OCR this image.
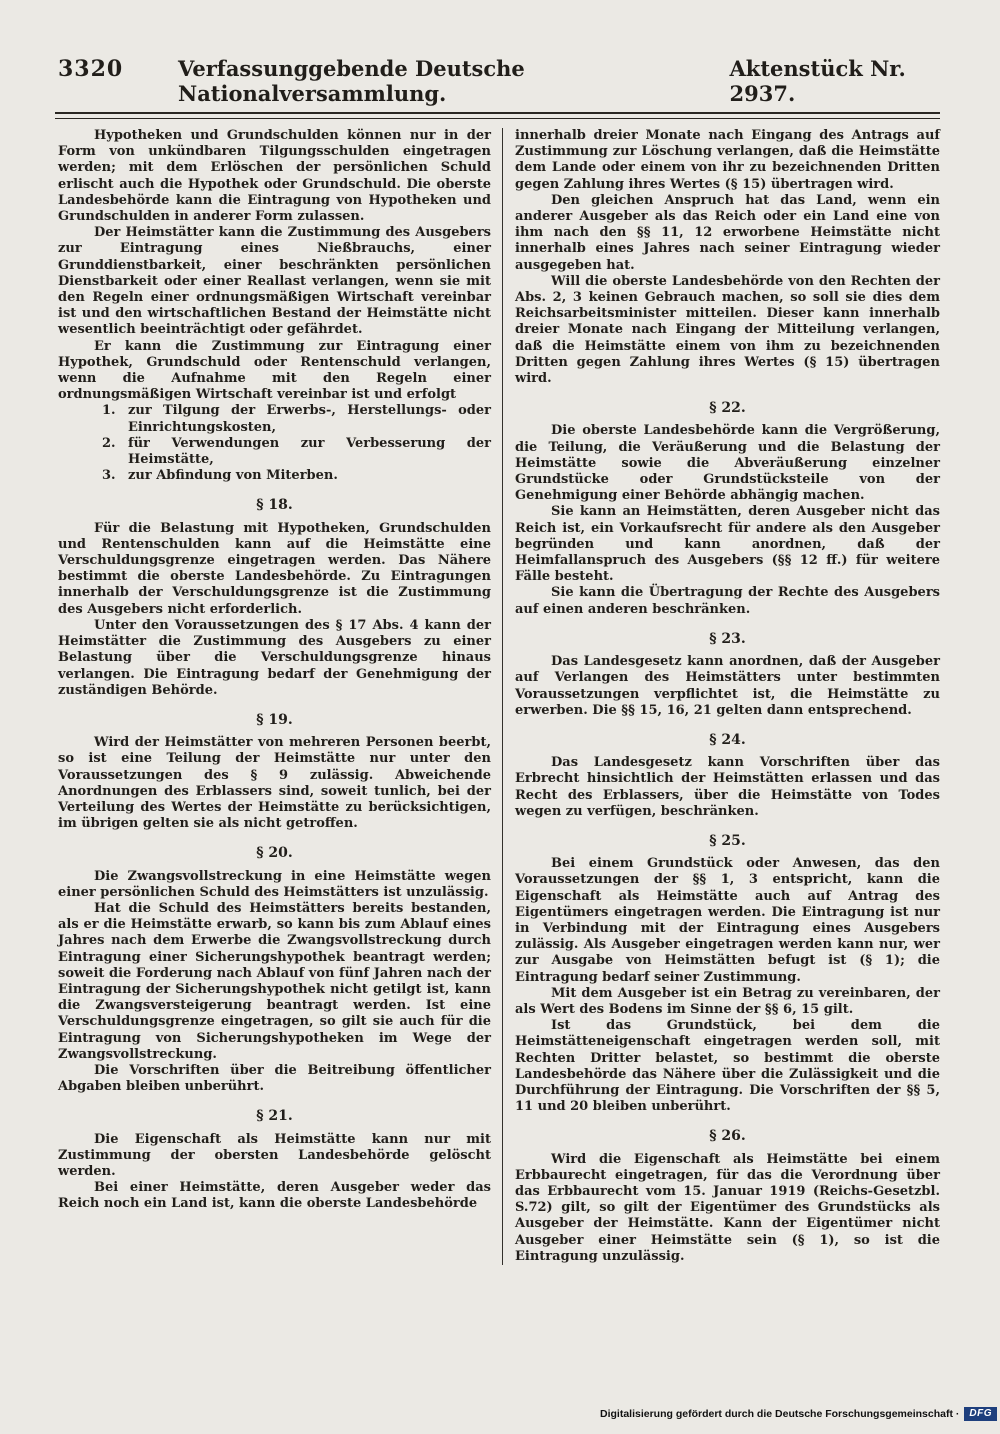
3320	Verfassunggebende Deutsche Nationalversammlung.
Aktenstück Nr. 2937.

Hypotheken und Grundschulden können nur in der Form von unkündbaren Tilgungsschulden eingetragen werden; mit dem Erlöschen der persönlichen Schuld erlischt auch die Hypothek oder Grundschuld. Die oberste Landesbehörde kann die Eintragung von Hypotheken und Grundschulden in anderer Form zulassen.

Der Heimstätter kann die Zustimmung des Ausgebers zur Eintragung eines Nießbrauchs, einer Grunddienstbarkeit, einer beschränkten persönlichen Dienstbarkeit oder einer Reallast verlangen, wenn sie mit den Regeln einer ordnungsmäßigen Wirtschaft vereinbar ist und den wirtschaftlichen Bestand der Heimstätte nicht wesentlich beeinträchtigt oder gefährdet.

Er kann die Zustimmung zur Eintragung einer Hypothek, Grundschuld oder Rentenschuld verlangen, wenn die Aufnahme mit den Regeln einer ordnungsmäßigen Wirtschaft vereinbar ist und erfolgt

1. zur Tilgung der Erwerbs-, Herstellungs- oder Einrichtungskosten,
2. für Verwendungen zur Verbesserung der Heimstätte,
3. zur Abfindung von Miterben.
§ 18.

Für die Belastung mit Hypotheken, Grundschulden und Rentenschulden kann auf die Heimstätte eine Verschuldungsgrenze eingetragen werden. Das Nähere bestimmt die oberste Landesbehörde. Zu Eintragungen innerhalb der Verschuldungsgrenze ist die Zustimmung des Ausgebers nicht erforderlich.

Unter den Voraussetzungen des § 17 Abs. 4 kann der Heimstätter die Zustimmung des Ausgebers zu einer Belastung über die Verschuldungsgrenze hinaus verlangen. Die Eintragung bedarf der Genehmigung der zuständigen Behörde.

§ 19.

Wird der Heimstätter von mehreren Personen beerbt, so ist eine Teilung der Heimstätte nur unter den Voraussetzungen des § 9 zulässig. Abweichende Anordnungen des Erblassers sind, soweit tunlich, bei der Verteilung des Wertes der Heimstätte zu berücksichtigen, im übrigen gelten sie als nicht getroffen.

§ 20.

Die Zwangsvollstreckung in eine Heimstätte wegen einer persönlichen Schuld des Heimstätters ist unzulässig.

Hat die Schuld des Heimstätters bereits bestanden, als er die Heimstätte erwarb, so kann bis zum Ablauf eines Jahres nach dem Erwerbe die Zwangsvollstreckung durch Eintragung einer Sicherungshypothek beantragt werden; soweit die Forderung nach Ablauf von fünf Jahren nach der Eintragung der Sicherungshypothek nicht getilgt ist, kann die Zwangsversteigerung beantragt werden. Ist eine Verschuldungsgrenze eingetragen, so gilt sie auch für die Eintragung von Sicherungshypotheken im Wege der Zwangsvollstreckung.

Die Vorschriften über die Beitreibung öffentlicher Abgaben bleiben unberührt.

§ 21.

Die Eigenschaft als Heimstätte kann nur mit Zustimmung der obersten Landesbehörde gelöscht werden.

Bei einer Heimstätte, deren Ausgeber weder das Reich noch ein Land ist, kann die oberste Landesbehörde

innerhalb dreier Monate nach Eingang des Antrags auf Zustimmung zur Löschung verlangen, daß die Heimstätte dem Lande oder einem von ihr zu bezeichnenden Dritten gegen Zahlung ihres Wertes (§ 15) übertragen wird.

Den gleichen Anspruch hat das Land, wenn ein anderer Ausgeber als das Reich oder ein Land eine von ihm nach den §§ 11, 12 erworbene Heimstätte nicht innerhalb eines Jahres nach seiner Eintragung wieder ausgegeben hat.

Will die oberste Landesbehörde von den Rechten der Abs. 2, 3 keinen Gebrauch machen, so soll sie dies dem Reichsarbeitsminister mitteilen. Dieser kann innerhalb dreier Monate nach Eingang der Mitteilung verlangen, daß die Heimstätte einem von ihm zu bezeichnenden Dritten gegen Zahlung ihres Wertes (§ 15) übertragen wird.

§ 22.

Die oberste Landesbehörde kann die Vergrößerung, die Teilung, die Veräußerung und die Belastung der Heimstätte sowie die Abveräußerung einzelner Grundstücke oder Grundstücksteile von der Genehmigung einer Behörde abhängig machen.

Sie kann an Heimstätten, deren Ausgeber nicht das Reich ist, ein Vorkaufsrecht für andere als den Ausgeber begründen und kann anordnen, daß der Heimfallanspruch des Ausgebers (§§ 12 ff.) für weitere Fälle besteht.

Sie kann die Übertragung der Rechte des Ausgebers auf einen anderen beschränken.

§ 23.

Das Landesgesetz kann anordnen, daß der Ausgeber auf Verlangen des Heimstätters unter bestimmten Voraussetzungen verpflichtet ist, die Heimstätte zu erwerben. Die §§ 15, 16, 21 gelten dann entsprechend.

§ 24.

Das Landesgesetz kann Vorschriften über das Erbrecht hinsichtlich der Heimstätten erlassen und das Recht des Erblassers, über die Heimstätte von Todes wegen zu verfügen, beschränken.

§ 25.

Bei einem Grundstück oder Anwesen, das den Voraussetzungen der §§ 1, 3 entspricht, kann die Eigenschaft als Heimstätte auch auf Antrag des Eigentümers eingetragen werden. Die Eintragung ist nur in Verbindung mit der Eintragung eines Ausgebers zulässig. Als Ausgeber eingetragen werden kann nur, wer zur Ausgabe von Heimstätten befugt ist (§ 1); die Eintragung bedarf seiner Zustimmung.

Mit dem Ausgeber ist ein Betrag zu vereinbaren, der als Wert des Bodens im Sinne der §§ 6, 15 gilt.

Ist das Grundstück, bei dem die Heimstätteneigenschaft eingetragen werden soll, mit Rechten Dritter belastet, so bestimmt die oberste Landesbehörde das Nähere über die Zulässigkeit und die Durchführung der Eintragung. Die Vorschriften der §§ 5, 11 und 20 bleiben unberührt.

§ 26.

Wird die Eigenschaft als Heimstätte bei einem Erbbaurecht eingetragen, für das die Verordnung über das Erbbaurecht vom 15. Januar 1919 (Reichs-Gesetzbl. S.72) gilt, so gilt der Eigentümer des Grundstücks als Ausgeber der Heimstätte. Kann der Eigentümer nicht Ausgeber einer Heimstätte sein (§ 1), so ist die Eintragung unzulässig.

Digitalisierung gefördert durch die Deutsche Forschungsgemeinschaft ·	DFG
